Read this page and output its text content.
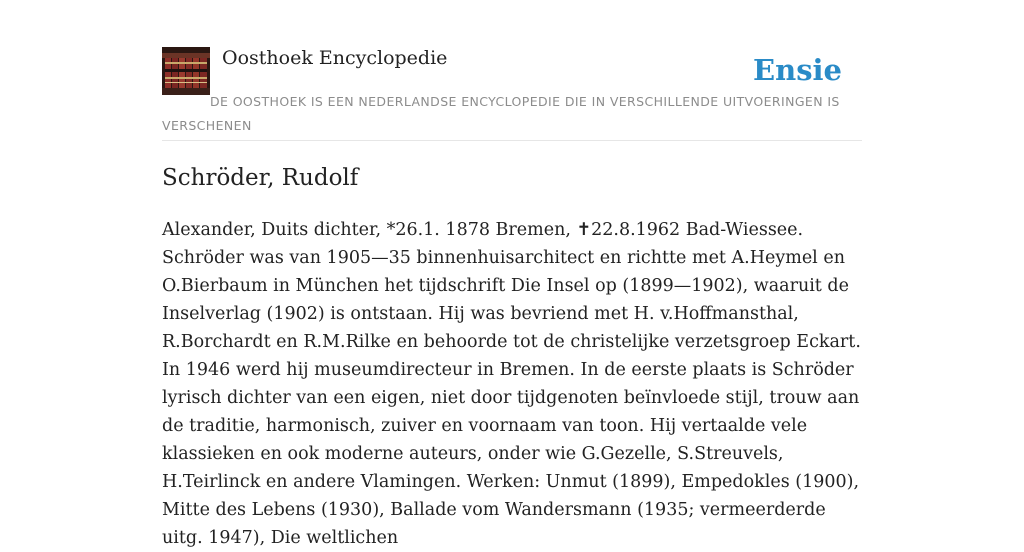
Oosthoek Encyclopedie	Ensie
DE OOSTHOEK IS EEN NEDERLANDSE ENCYCLOPEDIE DIE IN VERSCHILLENDE UITVOERINGEN IS VERSCHENEN
Schröder, Rudolf

Alexander, Duits dichter, *26.1. 1878 Bremen, ✝22.8.1962 Bad-Wiessee. Schröder was van 1905—35 binnenhuisarchitect en richtte met A.Heymel en O.Bierbaum in München het tijdschrift Die Insel op (1899—1902), waaruit de Inselverlag (1902) is ontstaan. Hij was bevriend met H. v.Hoffmansthal, R.Borchardt en R.M.Rilke en behoorde tot de christelijke verzetsgroep Eckart. In 1946 werd hij museumdirecteur in Bremen. In de eerste plaats is Schröder lyrisch dichter van een eigen, niet door tijdgenoten beïnvloede stijl, trouw aan de traditie, harmonisch, zuiver en voornaam van toon. Hij vertaalde vele klassieken en ook moderne auteurs, onder wie G.Gezelle, S.Streuvels, H.Teirlinck en andere Vlamingen. Werken: Unmut (1899), Empedokles (1900), Mitte des Lebens (1930), Ballade vom Wandersmann (1935; vermeerderde uitg. 1947), Die weltlichen
